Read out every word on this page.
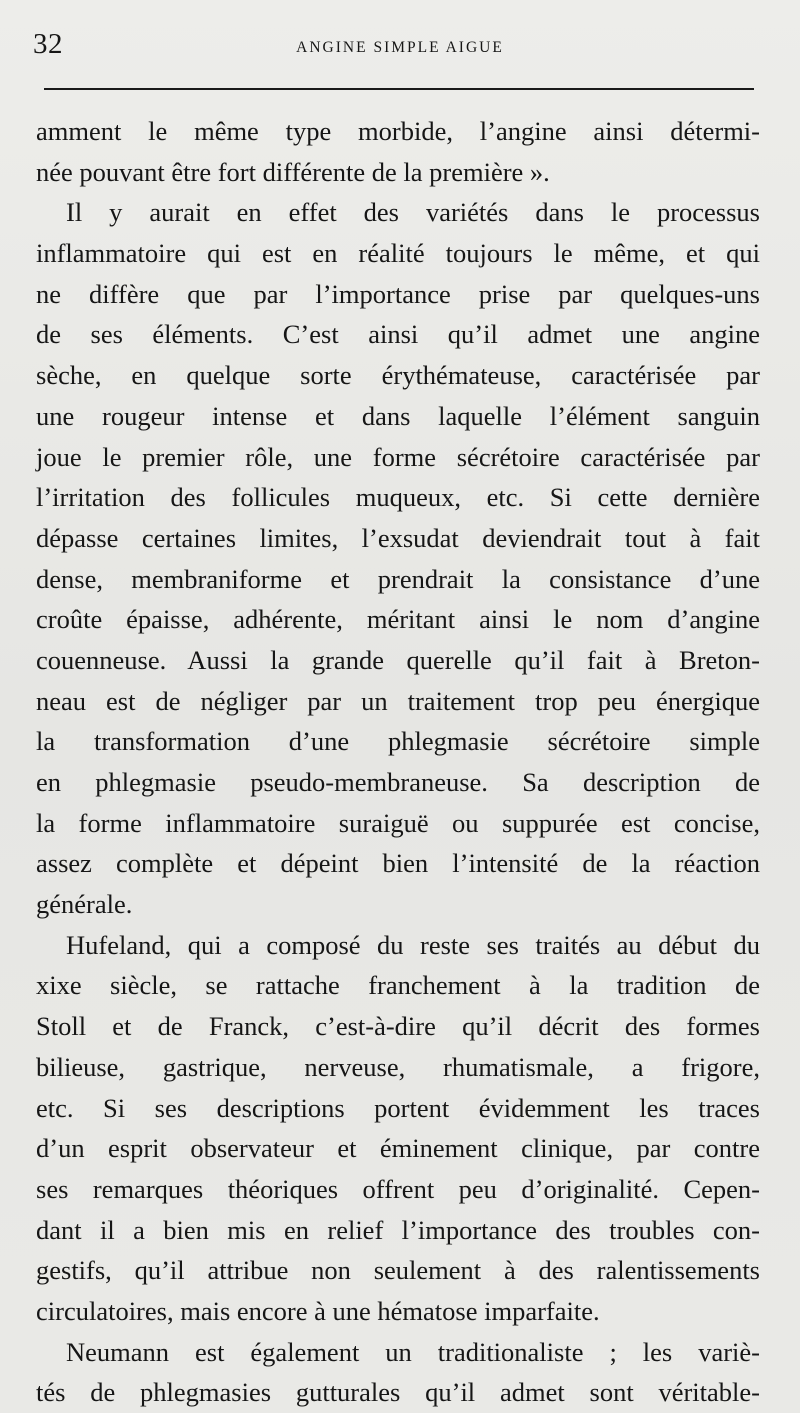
32	ANGINE SIMPLE AIGUE
amment le même type morbide, l’angine ainsi détermi-
née pouvant être fort différente de la première ».
Il y aurait en effet des variétés dans le processus
inflammatoire qui est en réalité toujours le même, et qui
ne diffère que par l’importance prise par quelques-uns
de ses éléments. C’est ainsi qu’il admet une angine
sèche, en quelque sorte érythémateuse, caractérisée par
une rougeur intense et dans laquelle l’élément sanguin
joue le premier rôle, une forme sécrétoire caractérisée par
l’irritation des follicules muqueux, etc. Si cette dernière
dépasse certaines limites, l’exsudat deviendrait tout à fait
dense, membraniforme et prendrait la consistance d’une
croûte épaisse, adhérente, méritant ainsi le nom d’angine
couenneuse. Aussi la grande querelle qu’il fait à Breton-
neau est de négliger par un traitement trop peu énergique
la transformation d’une phlegmasie sécrétoire simple
en phlegmasie pseudo-membraneuse. Sa description de
la forme inflammatoire suraiguë ou suppurée est concise,
assez complète et dépeint bien l’intensité de la réaction
générale.
Hufeland, qui a composé du reste ses traités au début du
xixe siècle, se rattache franchement à la tradition de
Stoll et de Franck, c’est-à-dire qu’il décrit des formes
bilieuse, gastrique, nerveuse, rhumatismale, a frigore,
etc. Si ses descriptions portent évidemment les traces
d’un esprit observateur et éminement clinique, par contre
ses remarques théoriques offrent peu d’originalité. Cepen-
dant il a bien mis en relief l’importance des troubles con-
gestifs, qu’il attribue non seulement à des ralentissements
circulatoires, mais encore à une hématose imparfaite.
Neumann est également un traditionaliste ; les variè-
tés de phlegmasies gutturales qu’il admet sont véritable-
